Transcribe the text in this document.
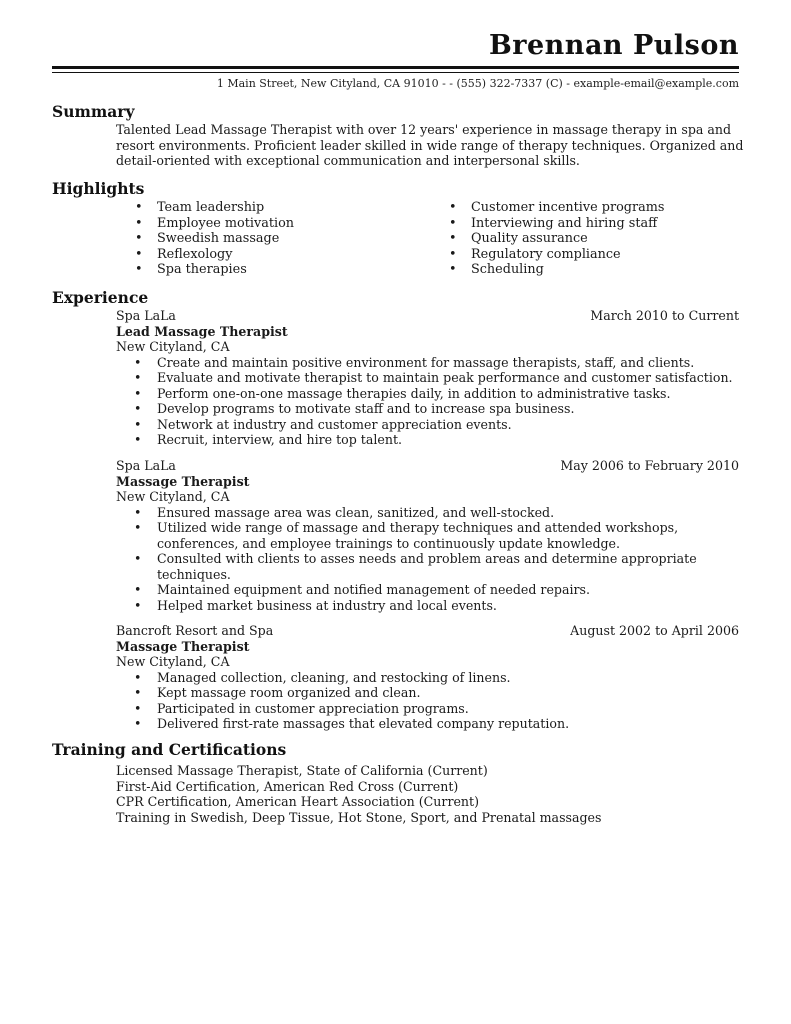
Brennan Pulson
1 Main Street, New Cityland, CA 91010 - - (555) 322-7337 (C) - example-email@example.com
Summary
Talented Lead Massage Therapist with over 12 years' experience in massage therapy in spa and
resort environments. Proficient leader skilled in wide range of therapy techniques. Organized and
detail-oriented with exceptional communication and interpersonal skills.
Highlights
• Team leadership
• Employee motivation
• Sweedish massage
• Reflexology
• Spa therapies
• Customer incentive programs
• Interviewing and hiring staff
• Quality assurance
• Regulatory compliance
• Scheduling
Experience
Spa LaLa	March 2010 to Current
Lead Massage Therapist
New Cityland, CA
• Create and maintain positive environment for massage therapists, staff, and clients.
• Evaluate and motivate therapist to maintain peak performance and customer satisfaction.
• Perform one-on-one massage therapies daily, in addition to administrative tasks.
• Develop programs to motivate staff and to increase spa business.
• Network at industry and customer appreciation events.
• Recruit, interview, and hire top talent.
Spa LaLa	May 2006 to February 2010
Massage Therapist
New Cityland, CA
• Ensured massage area was clean, sanitized, and well-stocked.
• Utilized wide range of massage and therapy techniques and attended workshops,
conferences, and employee trainings to continuously update knowledge.
• Consulted with clients to asses needs and problem areas and determine appropriate
techniques.
• Maintained equipment and notified management of needed repairs.
• Helped market business at industry and local events.
Bancroft Resort and Spa	August 2002 to April 2006
Massage Therapist
New Cityland, CA
• Managed collection, cleaning, and restocking of linens.
• Kept massage room organized and clean.
• Participated in customer appreciation programs.
• Delivered first-rate massages that elevated company reputation.
Training and Certifications
Licensed Massage Therapist, State of California (Current)
First-Aid Certification, American Red Cross (Current)
CPR Certification, American Heart Association (Current)
Training in Swedish, Deep Tissue, Hot Stone, Sport, and Prenatal massages
